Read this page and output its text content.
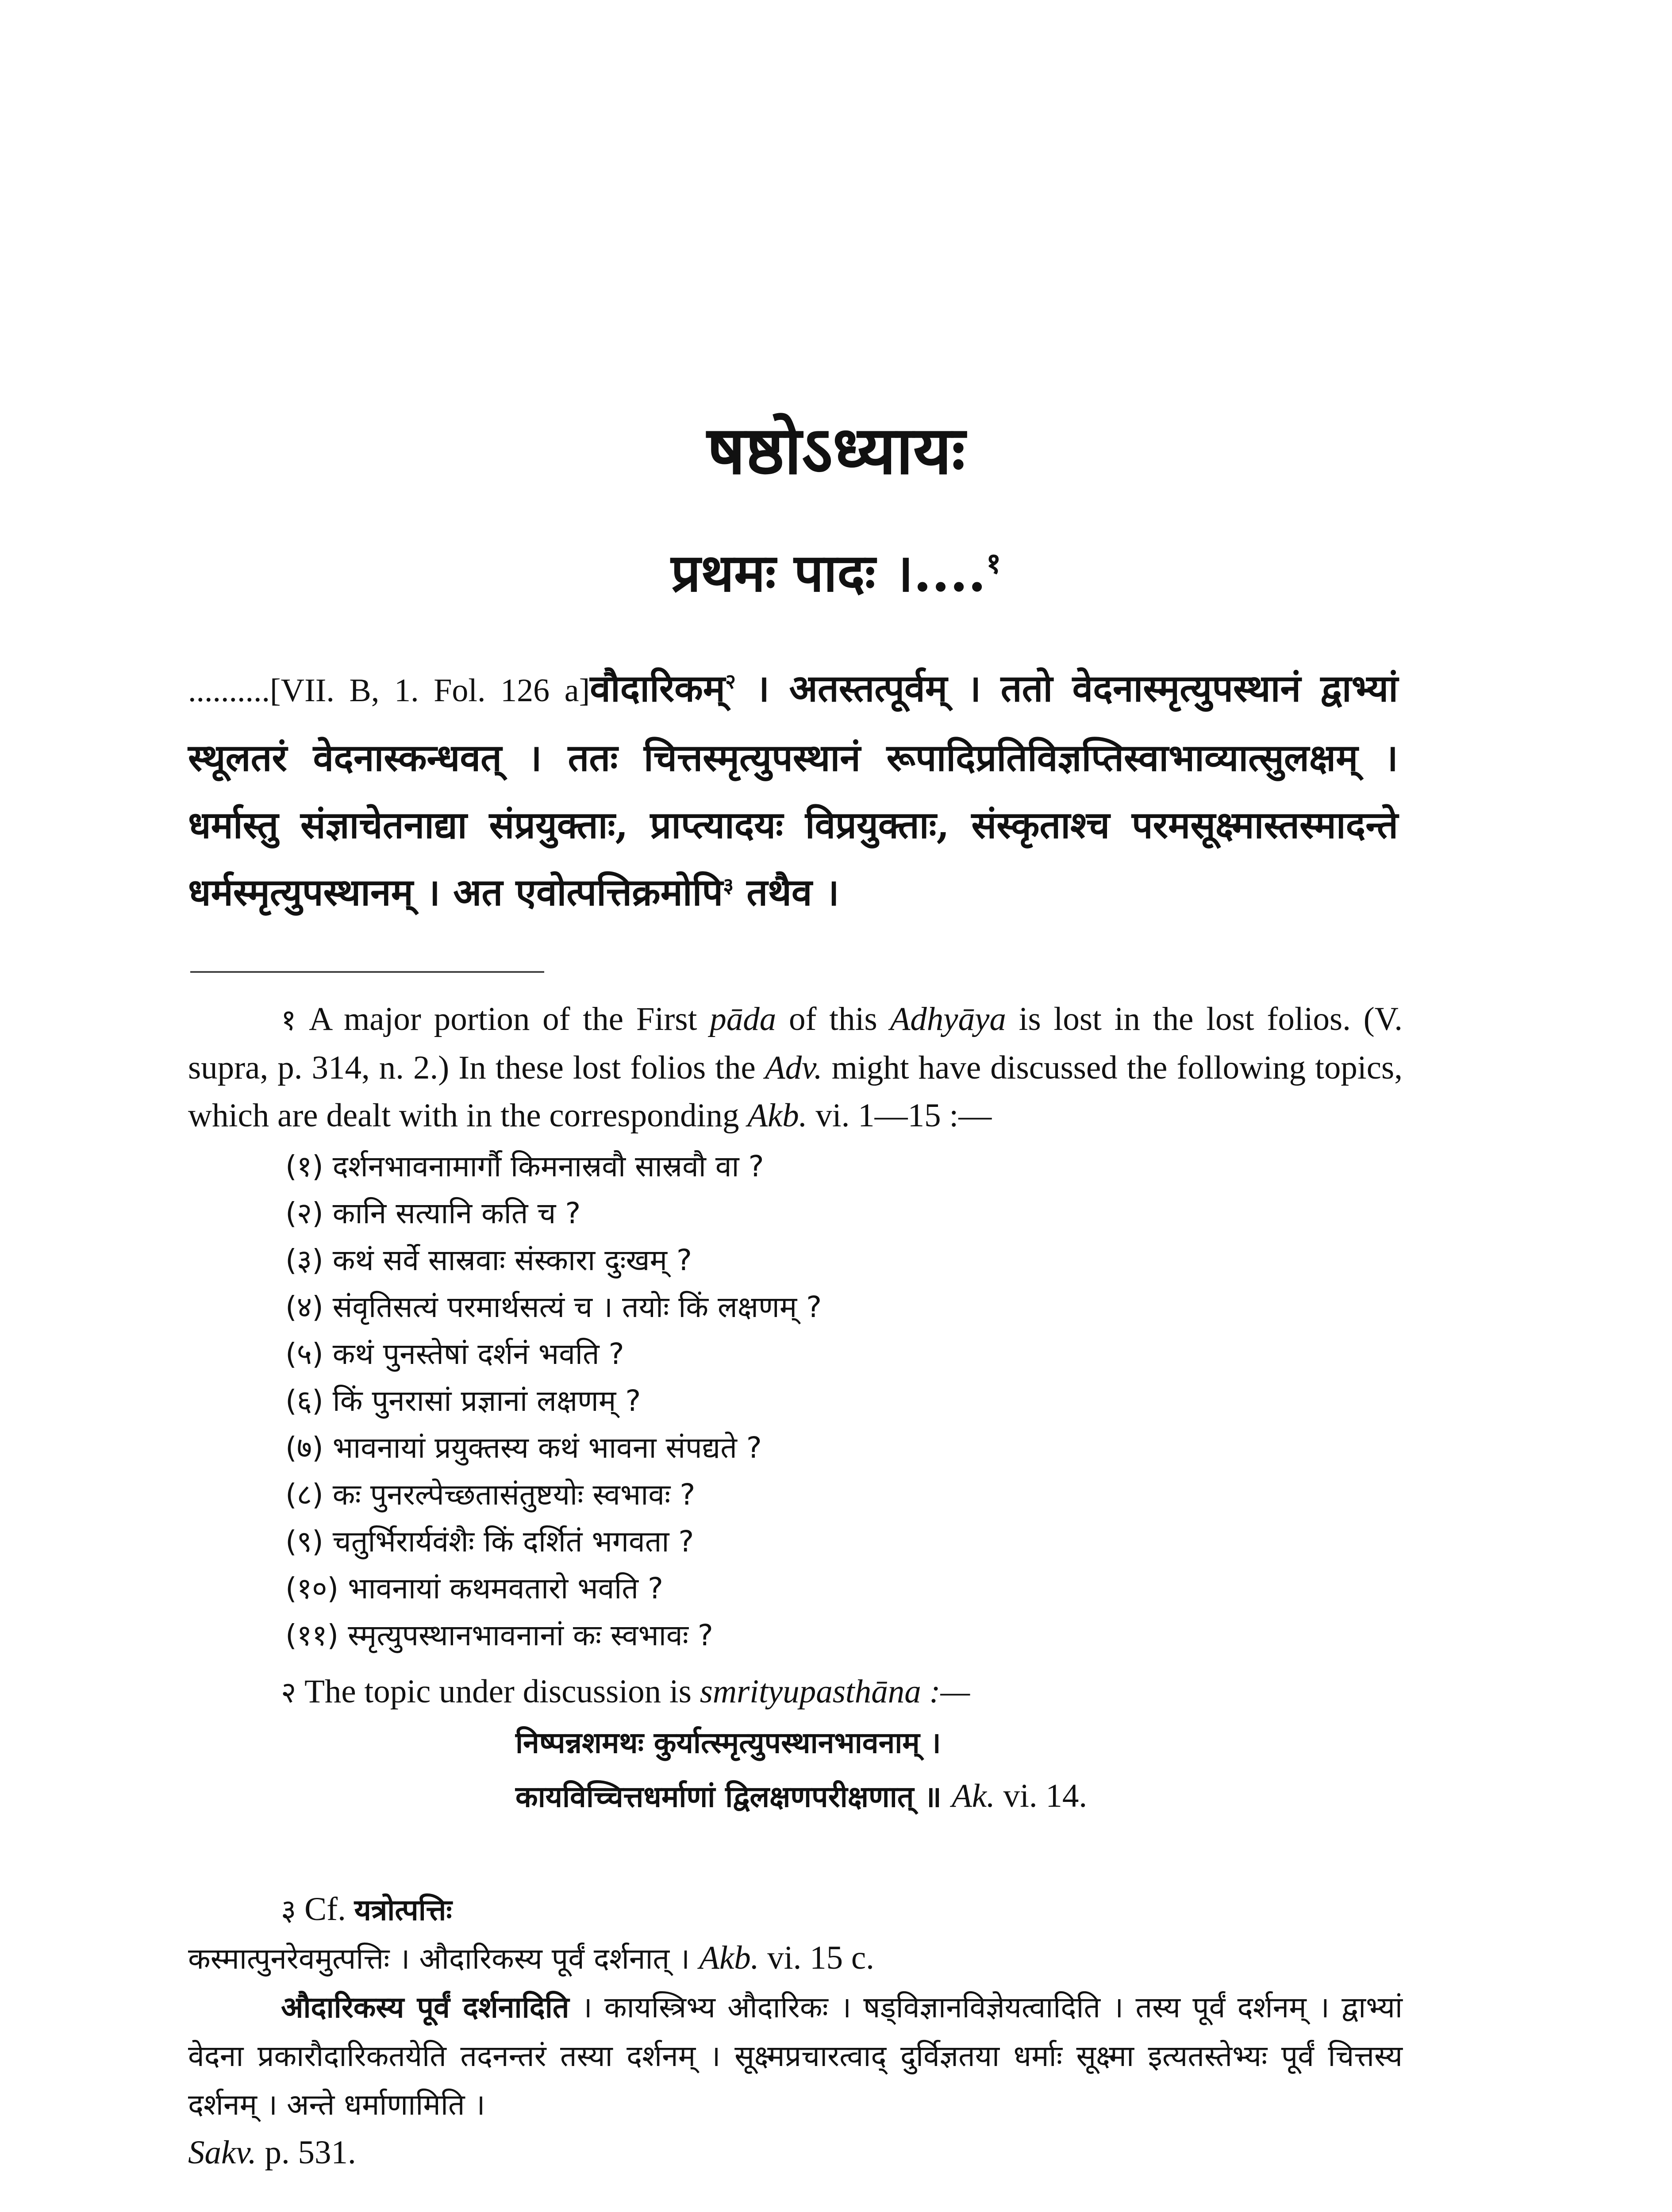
षष्ठोऽध्यायः
प्रथमः पादः ।....$^१$
..........[VII. B, 1. Fol. 126 a]वौदारिकम्$^२$ । अतस्तत्पूर्वम् । ततो वेदनास्मृत्युपस्थानं द्वाभ्यां स्थूलतरं वेदनास्कन्धवत् । ततः चित्तस्मृत्युपस्थानं रूपादिप्रतिविज्ञप्तिस्वाभाव्यात्सुलक्षम् । धर्मास्तु संज्ञाचेतनाद्या संप्रयुक्ताः, प्राप्त्यादयः विप्रयुक्ताः, संस्कृताश्च परमसूक्ष्मास्तस्मादन्ते धर्मस्मृत्युपस्थानम् । अत एवोत्पत्तिक्रमोपि$^३$ तथैव ।

१ A major portion of the First pāda of this Adhyāya is lost in the lost folios. (V. supra, p. 314, n. 2.) In these lost folios the Adv. might have discussed the following topics, which are dealt with in the corresponding Akb. vi. 1—15 :—

(१) दर्शनभावनामार्गौ किमनास्रवौ सास्रवौ वा ?
(२) कानि सत्यानि कति च ?
(३) कथं सर्वे सास्रवाः संस्कारा दुःखम् ?
(४) संवृतिसत्यं परमार्थसत्यं च । तयोः किं लक्षणम् ?
(५) कथं पुनस्तेषां दर्शनं भवति ?
(६) किं पुनरासां प्रज्ञानां लक्षणम् ?
(७) भावनायां प्रयुक्तस्य कथं भावना संपद्यते ?
(८) कः पुनरल्पेच्छतासंतुष्टयोः स्वभावः ?
(९) चतुर्भिरार्यवंशैः किं दर्शितं भगवता ?
(१०) भावनायां कथमवतारो भवति ?
(११) स्मृत्युपस्थानभावनानां कः स्वभावः ?

२ The topic under discussion is smrityupasthāna :—

निष्पन्नशमथः कुर्यात्स्मृत्युपस्थानभावनाम् ।

कायविच्चित्तधर्माणां द्विलक्षणपरीक्षणात् ॥ Ak. vi. 14.

३ Cf. यत्रोत्पत्तिः

कस्मात्पुनरेवमुत्पत्तिः । औदारिकस्य पूर्वं दर्शनात् । Akb. vi. 15 c.

औदारिकस्य पूर्वं दर्शनादिति । कायस्त्रिभ्य औदारिकः । षड्विज्ञानविज्ञेयत्वादिति । तस्य पूर्वं दर्शनम् । द्वाभ्यां वेदना प्रकारौदारिकतयेति तदनन्तरं तस्या दर्शनम् । सूक्ष्मप्रचारत्वाद् दुर्विज्ञतया धर्माः सूक्ष्मा इत्यतस्तेभ्यः पूर्वं चित्तस्य दर्शनम् । अन्ते धर्माणामिति ।

Sakv. p. 531.
